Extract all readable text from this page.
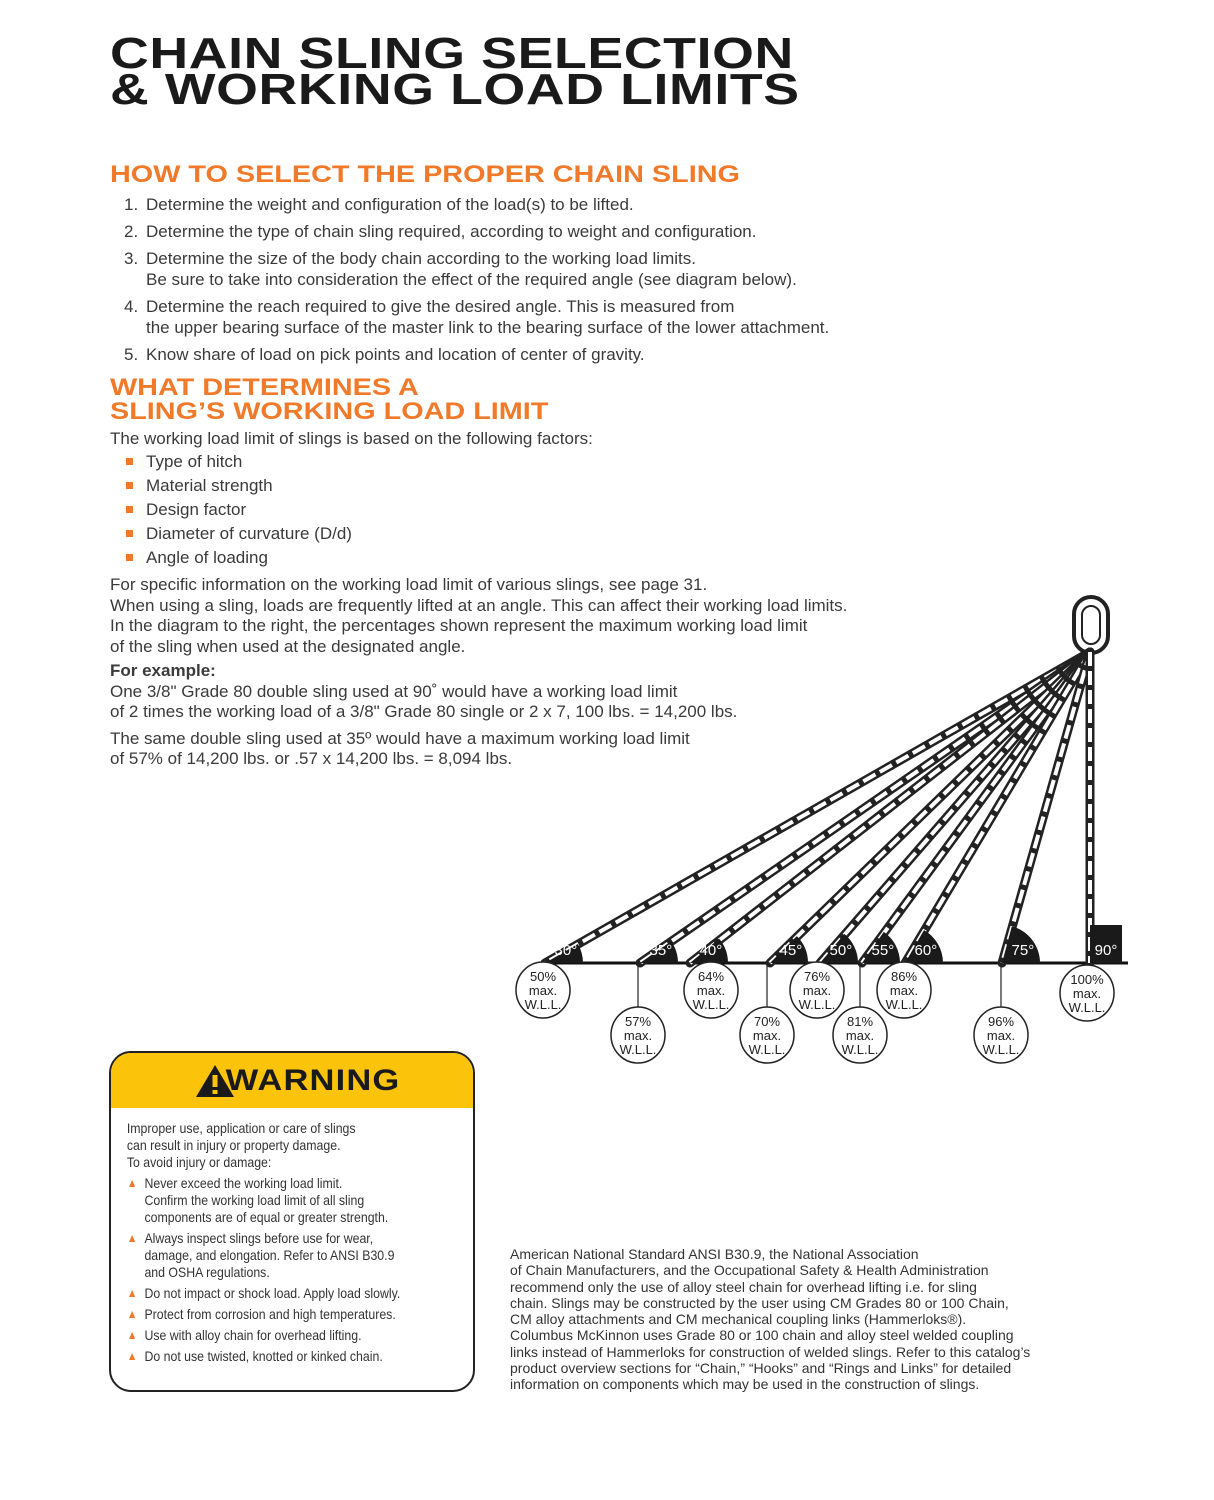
CHAIN SLING SELECTION
& WORKING LOAD LIMITS
HOW TO SELECT THE PROPER CHAIN SLING
1. Determine the weight and configuration of the load(s) to be lifted.
2. Determine the type of chain sling required, according to weight and configuration.
3. Determine the size of the body chain according to the working load limits.
Be sure to take into consideration the effect of the required angle (see diagram below).
4. Determine the reach required to give the desired angle. This is measured from
the upper bearing surface of the master link to the bearing surface of the lower attachment.
5. Know share of load on pick points and location of center of gravity.
WHAT DETERMINES A
SLING’S WORKING LOAD LIMIT
The working load limit of slings is based on the following factors:
Type of hitch
Material strength
Design factor
Diameter of curvature (D/d)
Angle of loading
For specific information on the working load limit of various slings, see page 31.
When using a sling, loads are frequently lifted at an angle. This can affect their working load limits.
In the diagram to the right, the percentages shown represent the maximum working load limit
of the sling when used at the designated angle.
For example:
One 3/8" Grade 80 double sling used at 90˚ would have a working load limit
of 2 times the working load of a 3/8" Grade 80 single or 2 x 7, 100 lbs. = 14,200 lbs.
The same double sling used at 35º would have a maximum working load limit
of 57% of 14,200 lbs. or .57 x 14,200 lbs. = 8,094 lbs.
30°
50%
max.
W.L.L.
35°
57%
max.
W.L.L.
40°
64%
max.
W.L.L.
45°
70%
max.
W.L.L.
50°
76%
max.
W.L.L.
55°
81%
max.
W.L.L.
60°
86%
max.
W.L.L.
75°
96%
max.
W.L.L.
90°
100%
max.
W.L.L.
WARNING
Improper use, application or care of slings
can result in injury or property damage.
To avoid injury or damage:
▲ Never exceed the working load limit.
Confirm the working load limit of all sling
components are of equal or greater strength.
▲ Always inspect slings before use for wear,
damage, and elongation. Refer to ANSI B30.9
and OSHA regulations.
▲ Do not impact or shock load. Apply load slowly.
▲ Protect from corrosion and high temperatures.
▲ Use with alloy chain for overhead lifting.
▲ Do not use twisted, knotted or kinked chain.
American National Standard ANSI B30.9, the National Association
of Chain Manufacturers, and the Occupational Safety & Health Administration
recommend only the use of alloy steel chain for overhead lifting i.e. for sling
chain. Slings may be constructed by the user using CM Grades 80 or 100 Chain,
CM alloy attachments and CM mechanical coupling links (Hammerloks®).
Columbus McKinnon uses Grade 80 or 100 chain and alloy steel welded coupling
links instead of Hammerloks for construction of welded slings. Refer to this catalog’s
product overview sections for “Chain,” “Hooks” and “Rings and Links” for detailed
information on components which may be used in the construction of slings.
